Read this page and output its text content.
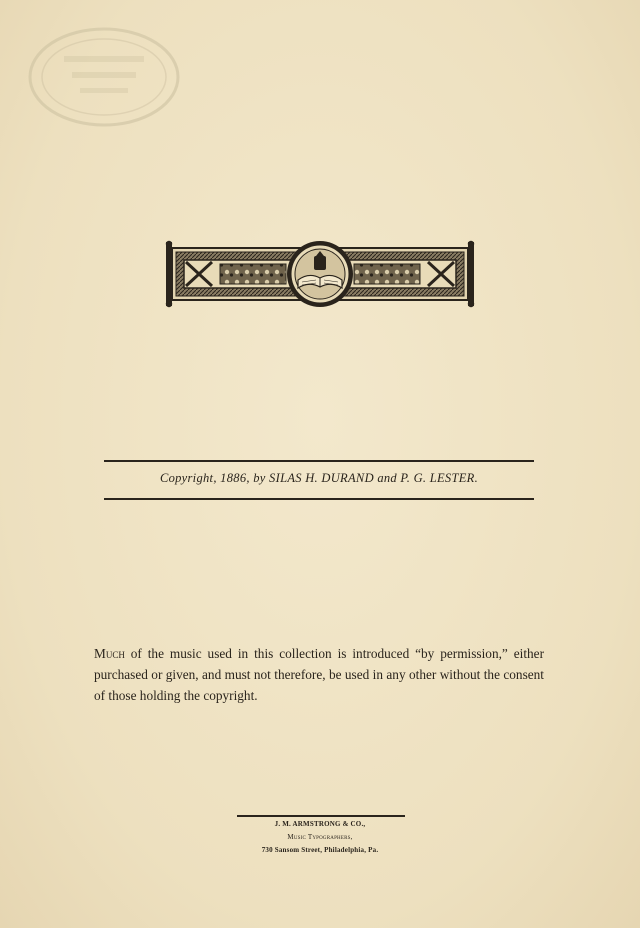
Copyright, 1886, by SILAS H. DURAND and P. G. LESTER.

Much of the music used in this collection is introduced “by permission,” either purchased or given, and must not therefore, be used in any other without the consent of those holding the copyright.

J. M. ARMSTRONG & CO.,
Music Typographers,
730 Sansom Street, Philadelphia, Pa.
